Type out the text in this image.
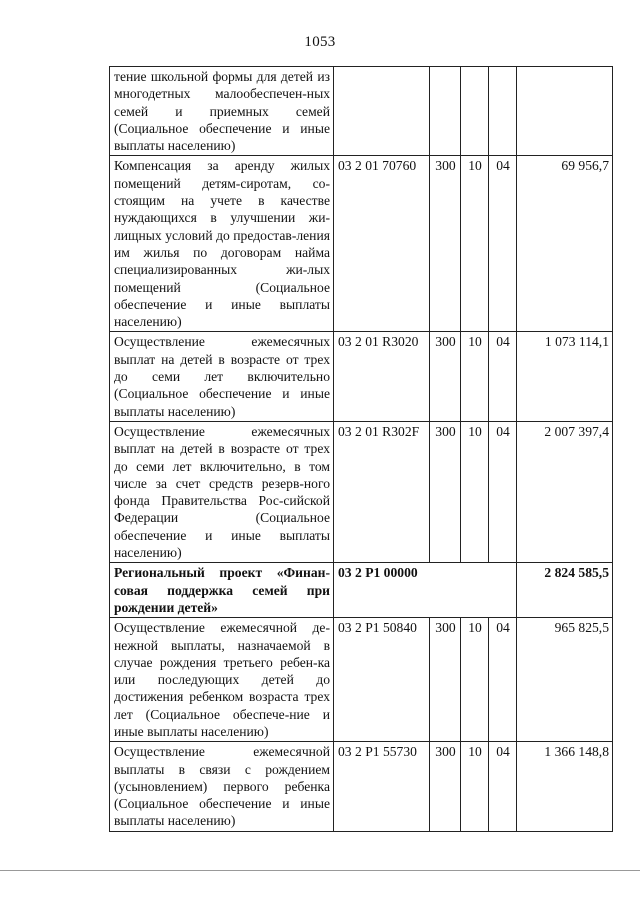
1053
тение школьной формы для детей из многодетных малообеспечен-ных семей и приемных семей (Социальное обеспечение и иные выплаты населению)					
Компенсация за аренду жилых помещений детям-сиротам, со-стоящим на учете в качестве нуждающихся в улучшении жи-лищных условий до предостав-ления им жилья по договорам найма специализированных жи-лых помещений (Социальное обеспечение и иные выплаты населению)	03 2 01 70760	300	10	04	69 956,7
Осуществление ежемесячных выплат на детей в возрасте от трех до семи лет включительно (Социальное обеспечение и иные выплаты населению)	03 2 01 R3020	300	10	04	1 073 114,1
Осуществление ежемесячных выплат на детей в возрасте от трех до семи лет включительно, в том числе за счет средств резерв-ного фонда Правительства Рос-сийской Федерации (Социальное обеспечение и иные выплаты населению)	03 2 01 R302F	300	10	04	2 007 397,4
Региональный проект «Финан-совая поддержка семей при рождении детей»	03 2 Р1 00000				2 824 585,5
Осуществление ежемесячной де-нежной выплаты, назначаемой в случае рождения третьего ребен-ка или последующих детей до достижения ребенком возраста трех лет (Социальное обеспече-ние и иные выплаты населению)	03 2 Р1 50840	300	10	04	965 825,5
Осуществление ежемесячной выплаты в связи с рождением (усыновлением) первого ребенка (Социальное обеспечение и иные выплаты населению)	03 2 Р1 55730	300	10	04	1 366 148,8
